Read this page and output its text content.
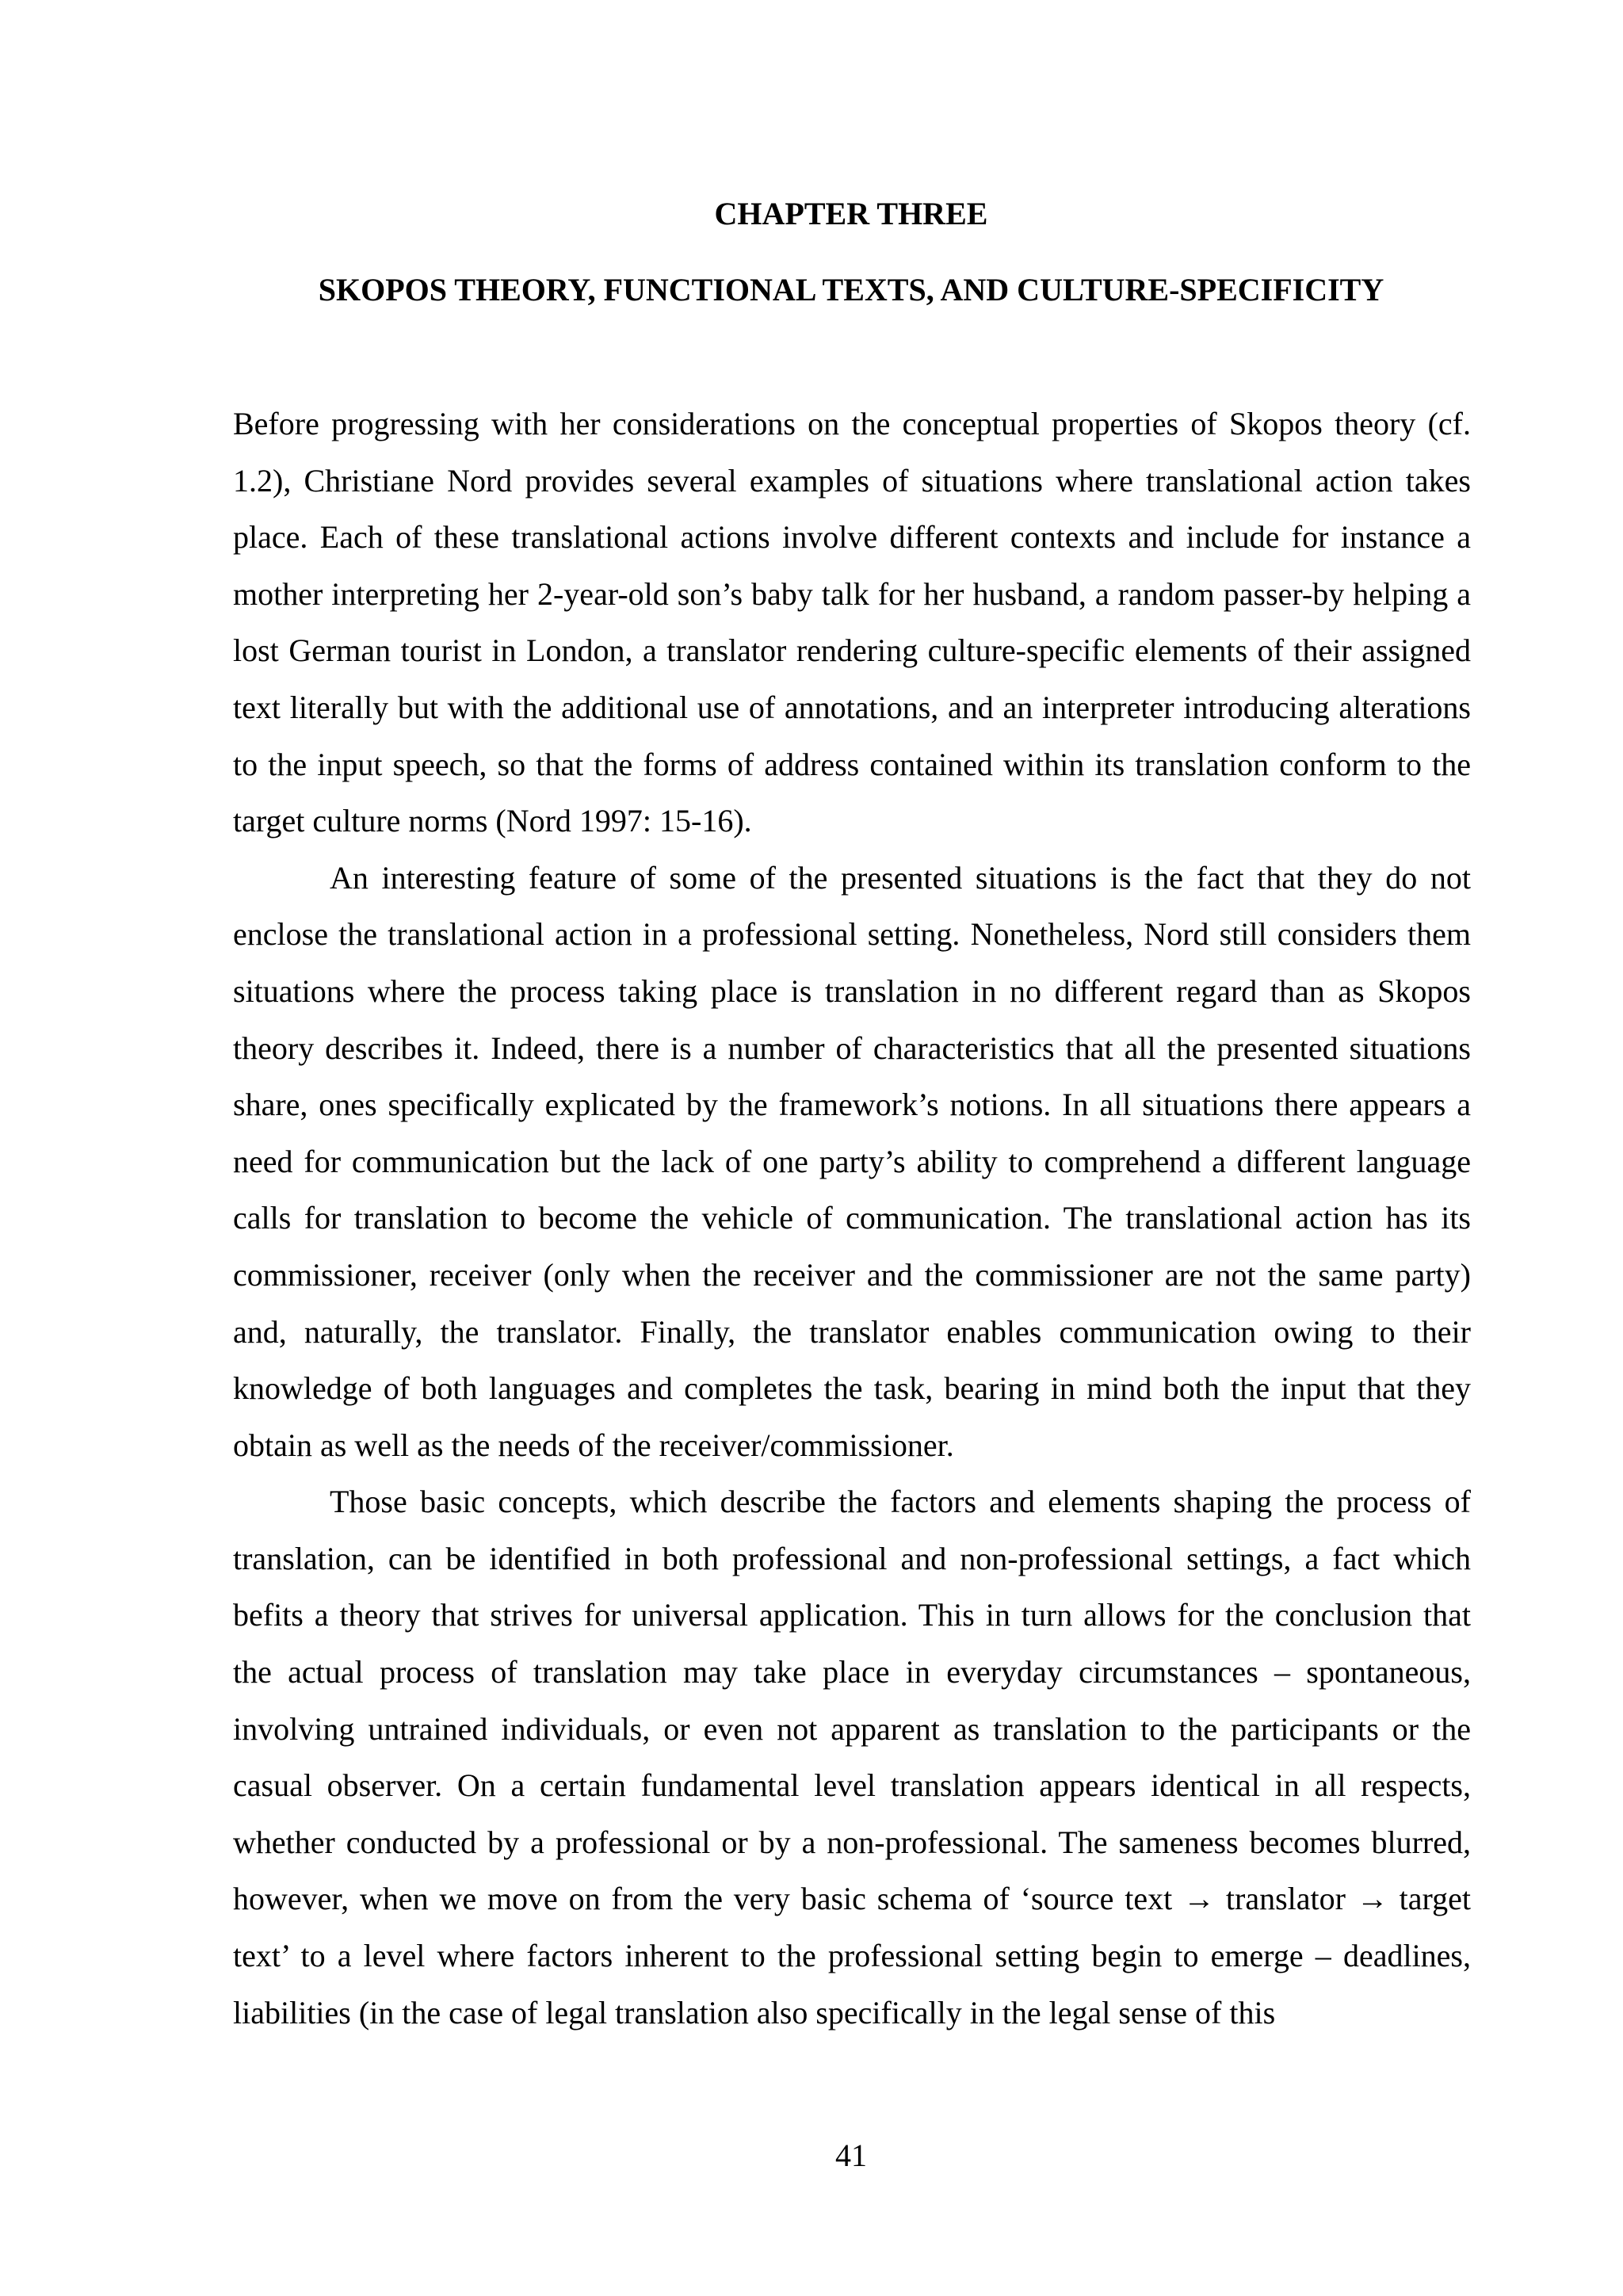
CHAPTER THREE
SKOPOS THEORY, FUNCTIONAL TEXTS, AND CULTURE-SPECIFICITY

Before progressing with her considerations on the conceptual properties of Skopos theory (cf. 1.2), Christiane Nord provides several examples of situations where translational action takes place. Each of these translational actions involve different contexts and include for instance a mother interpreting her 2-year-old son’s baby talk for her husband, a random passer-by helping a lost German tourist in London, a translator rendering culture-specific elements of their assigned text literally but with the additional use of annotations, and an interpreter introducing alterations to the input speech, so that the forms of address contained within its translation conform to the target culture norms (Nord 1997: 15-16).

An interesting feature of some of the presented situations is the fact that they do not enclose the translational action in a professional setting. Nonetheless, Nord still considers them situations where the process taking place is translation in no different regard than as Skopos theory describes it. Indeed, there is a number of characteristics that all the presented situations share, ones specifically explicated by the framework’s notions. In all situations there appears a need for communication but the lack of one party’s ability to comprehend a different language calls for translation to become the vehicle of communication. The translational action has its commissioner, receiver (only when the receiver and the commissioner are not the same party) and, naturally, the translator. Finally, the translator enables communication owing to their knowledge of both languages and completes the task, bearing in mind both the input that they obtain as well as the needs of the receiver/commissioner.

Those basic concepts, which describe the factors and elements shaping the process of translation, can be identified in both professional and non-professional settings, a fact which befits a theory that strives for universal application. This in turn allows for the conclusion that the actual process of translation may take place in everyday circumstances – spontaneous, involving untrained individuals, or even not apparent as translation to the participants or the casual observer. On a certain fundamental level translation appears identical in all respects, whether conducted by a professional or by a non-professional. The sameness becomes blurred, however, when we move on from the very basic schema of ‘source text → translator → target text’ to a level where factors inherent to the professional setting begin to emerge – deadlines, liabilities (in the case of legal translation also specifically in the legal sense of this

41
